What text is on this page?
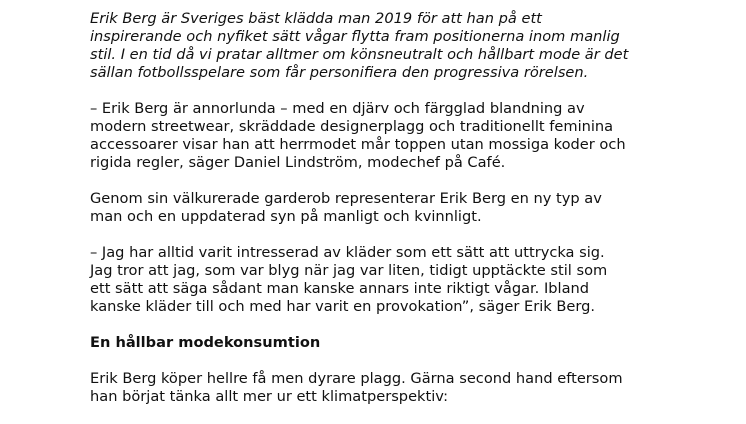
Erik Berg är Sveriges bäst klädda man 2019 för att han på ett
inspirerande och nyfiket sätt vågar flytta fram positionerna inom manlig
stil. I en tid då vi pratar alltmer om könsneutralt och hållbart mode är det
sällan fotbollsspelare som får personifiera den progressiva rörelsen.

– Erik Berg är annorlunda – med en djärv och färgglad blandning av
modern streetwear, skräddade designerplagg och traditionellt feminina
accessoarer visar han att herrmodet mår toppen utan mossiga koder och
rigida regler, säger Daniel Lindström, modechef på Café.

Genom sin välkurerade garderob representerar Erik Berg en ny typ av
man och en uppdaterad syn på manligt och kvinnligt.

– Jag har alltid varit intresserad av kläder som ett sätt att uttrycka sig.
Jag tror att jag, som var blyg när jag var liten, tidigt upptäckte stil som
ett sätt att säga sådant man kanske annars inte riktigt vågar. Ibland
kanske kläder till och med har varit en provokation”, säger Erik Berg.

En hållbar modekonsumtion

Erik Berg köper hellre få men dyrare plagg. Gärna second hand eftersom
han börjat tänka allt mer ur ett klimatperspektiv:
